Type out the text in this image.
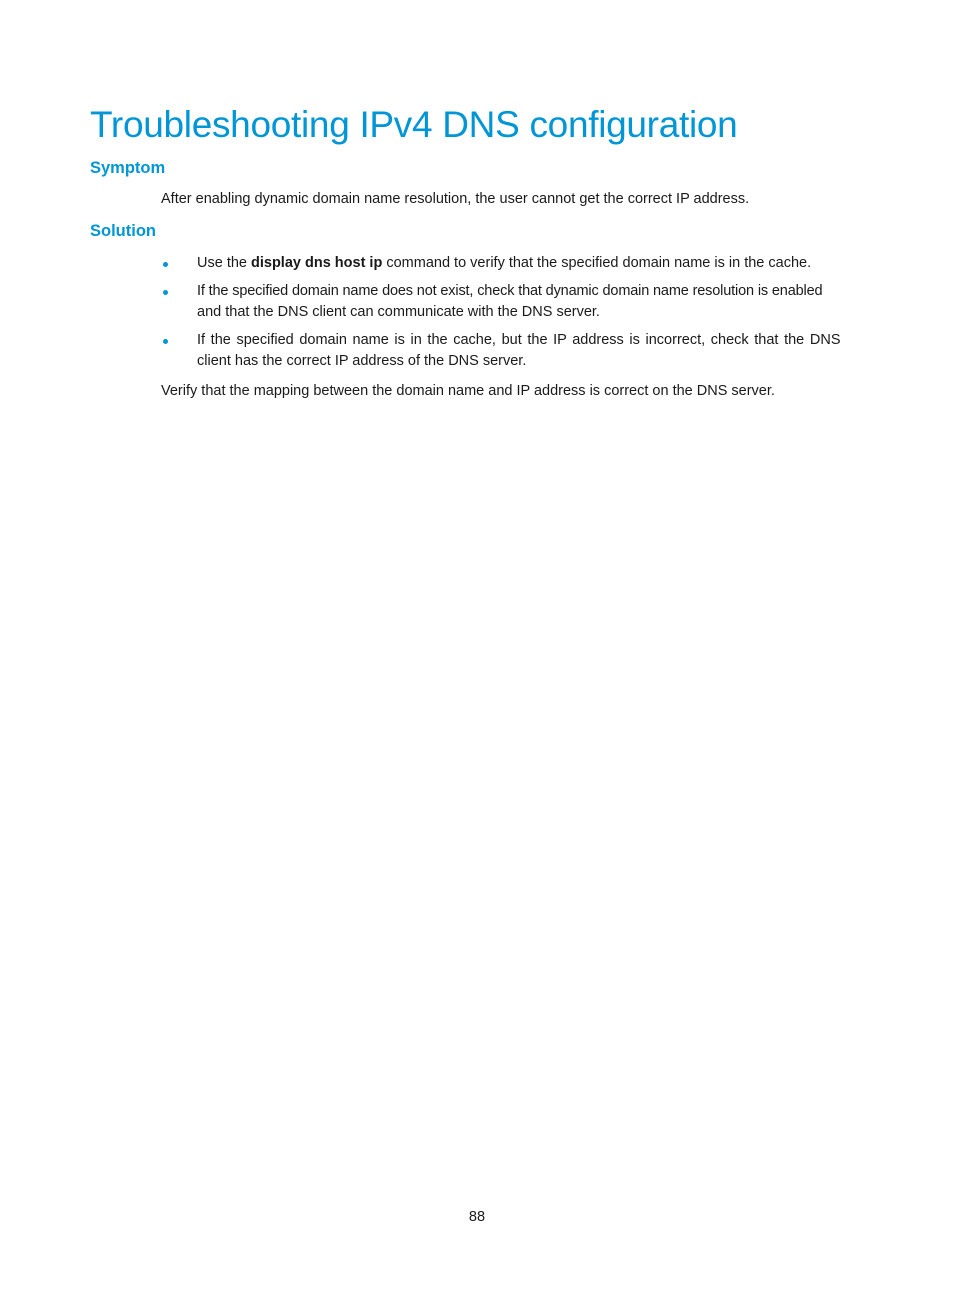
Troubleshooting IPv4 DNS configuration
Symptom

After enabling dynamic domain name resolution, the user cannot get the correct IP address.

Solution
Use the display dns host ip command to verify that the specified domain name is in the cache.
If the specified domain name does not exist, check that dynamic domain name resolution is enabled
and that the DNS client can communicate with the DNS server.
If the specified domain name is in the cache, but the IP address is incorrect, check that the DNS
client has the correct IP address of the DNS server.

Verify that the mapping between the domain name and IP address is correct on the DNS server.

88
